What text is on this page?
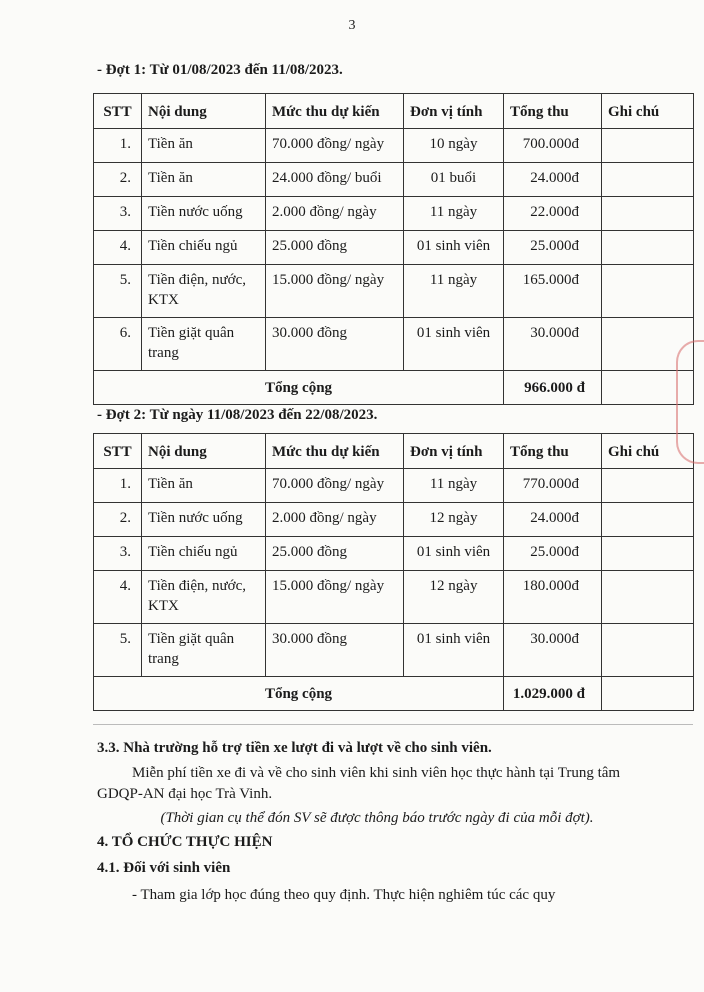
3
- Đợt 1: Từ 01/08/2023 đến 11/08/2023.
STT	Nội dung	Mức thu dự kiến	Đơn vị tính	Tổng thu	Ghi chú
1.	Tiền ăn	70.000 đồng/ ngày	10 ngày	700.000đ	
2.	Tiền ăn	24.000 đồng/ buổi	01 buổi	24.000đ	
3.	Tiền nước uống	2.000 đồng/ ngày	11 ngày	22.000đ	
4.	Tiền chiếu ngủ	25.000 đồng	01 sinh viên	25.000đ	
5.	Tiền điện, nước, KTX	15.000 đồng/ ngày	11 ngày	165.000đ	
6.	Tiền giặt quân trang	30.000 đồng	01 sinh viên	30.000đ	
Tổng cộng				966.000 đ	
- Đợt 2: Từ ngày 11/08/2023 đến 22/08/2023.
STT	Nội dung	Mức thu dự kiến	Đơn vị tính	Tổng thu	Ghi chú
1.	Tiền ăn	70.000 đồng/ ngày	11 ngày	770.000đ	
2.	Tiền nước uống	2.000 đồng/ ngày	12 ngày	24.000đ	
3.	Tiền chiếu ngủ	25.000 đồng	01 sinh viên	25.000đ	
4.	Tiền điện, nước, KTX	15.000 đồng/ ngày	12 ngày	180.000đ	
5.	Tiền giặt quân trang	30.000 đồng	01 sinh viên	30.000đ	
Tổng cộng				1.029.000 đ	
3.3. Nhà trường hỗ trợ tiền xe lượt đi và lượt về cho sinh viên.
Miễn phí tiền xe đi và về cho sinh viên khi sinh viên học thực hành tại Trung tâm GDQP-AN đại học Trà Vinh.
(Thời gian cụ thể đón SV sẽ được thông báo trước ngày đi của mỗi đợt).
4. TỔ CHỨC THỰC HIỆN
4.1. Đối với sinh viên
- Tham gia lớp học đúng theo quy định. Thực hiện nghiêm túc các quy
